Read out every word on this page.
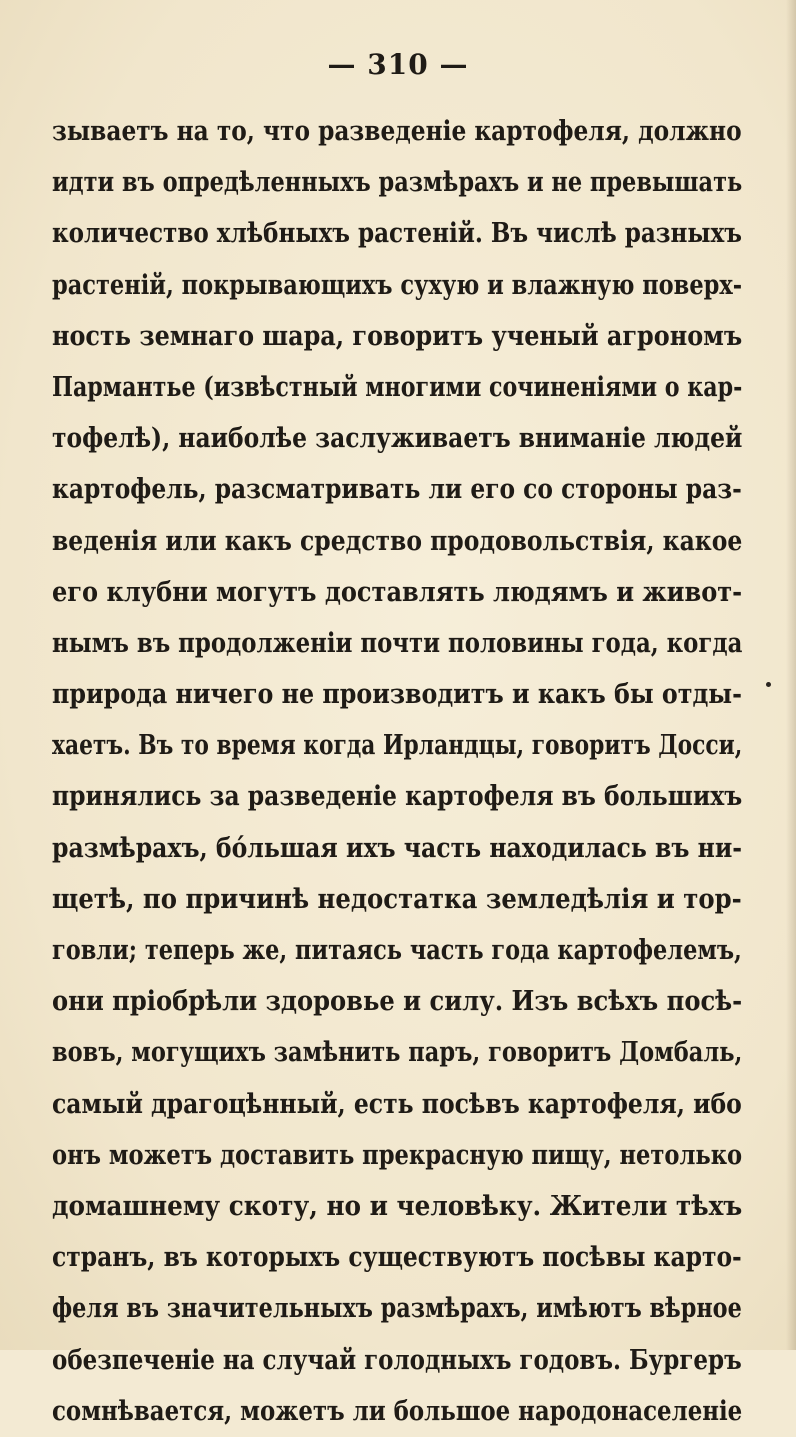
— 310 —
зываетъ на то, что разведеніе картофеля, должно
идти въ опредѣленныхъ размѣрахъ и не превышать
количество хлѣбныхъ растеній. Въ числѣ разныхъ
растеній, покрывающихъ сухую и влажную поверх-
ность земнаго шара, говоритъ ученый агрономъ
Пармантье (извѣстный многими сочиненіями о кар-
тофелѣ), наиболѣе заслуживаетъ вниманіе людей
картофель, разсматривать ли его со стороны раз-
веденія или какъ средство продовольствія, какое
его клубни могутъ доставлять людямъ и живот-
нымъ въ продолженіи почти половины года, когда
природа ничего не производитъ и какъ бы отды-
хаетъ. Въ то время когда Ирландцы, говоритъ Досси,
принялись за разведеніе картофеля въ большихъ
размѣрахъ, бóльшая ихъ часть находилась въ ни-
щетѣ, по причинѣ недостатка земледѣлія и тор-
говли; теперь же, питаясь часть года картофелемъ,
они пріобрѣли здоровье и силу. Изъ всѣхъ посѣ-
вовъ, могущихъ замѣнить паръ, говоритъ Домбаль,
самый драгоцѣнный, есть посѣвъ картофеля, ибо
онъ можетъ доставить прекрасную пищу, нетолько
домашнему скоту, но и человѣку. Жители тѣхъ
странъ, въ которыхъ существуютъ посѣвы карто-
феля въ значительныхъ размѣрахъ, имѣютъ вѣрное
обезпеченіе на случай голодныхъ годовъ. Бургеръ
сомнѣвается, можетъ ли большое народонаселеніе
